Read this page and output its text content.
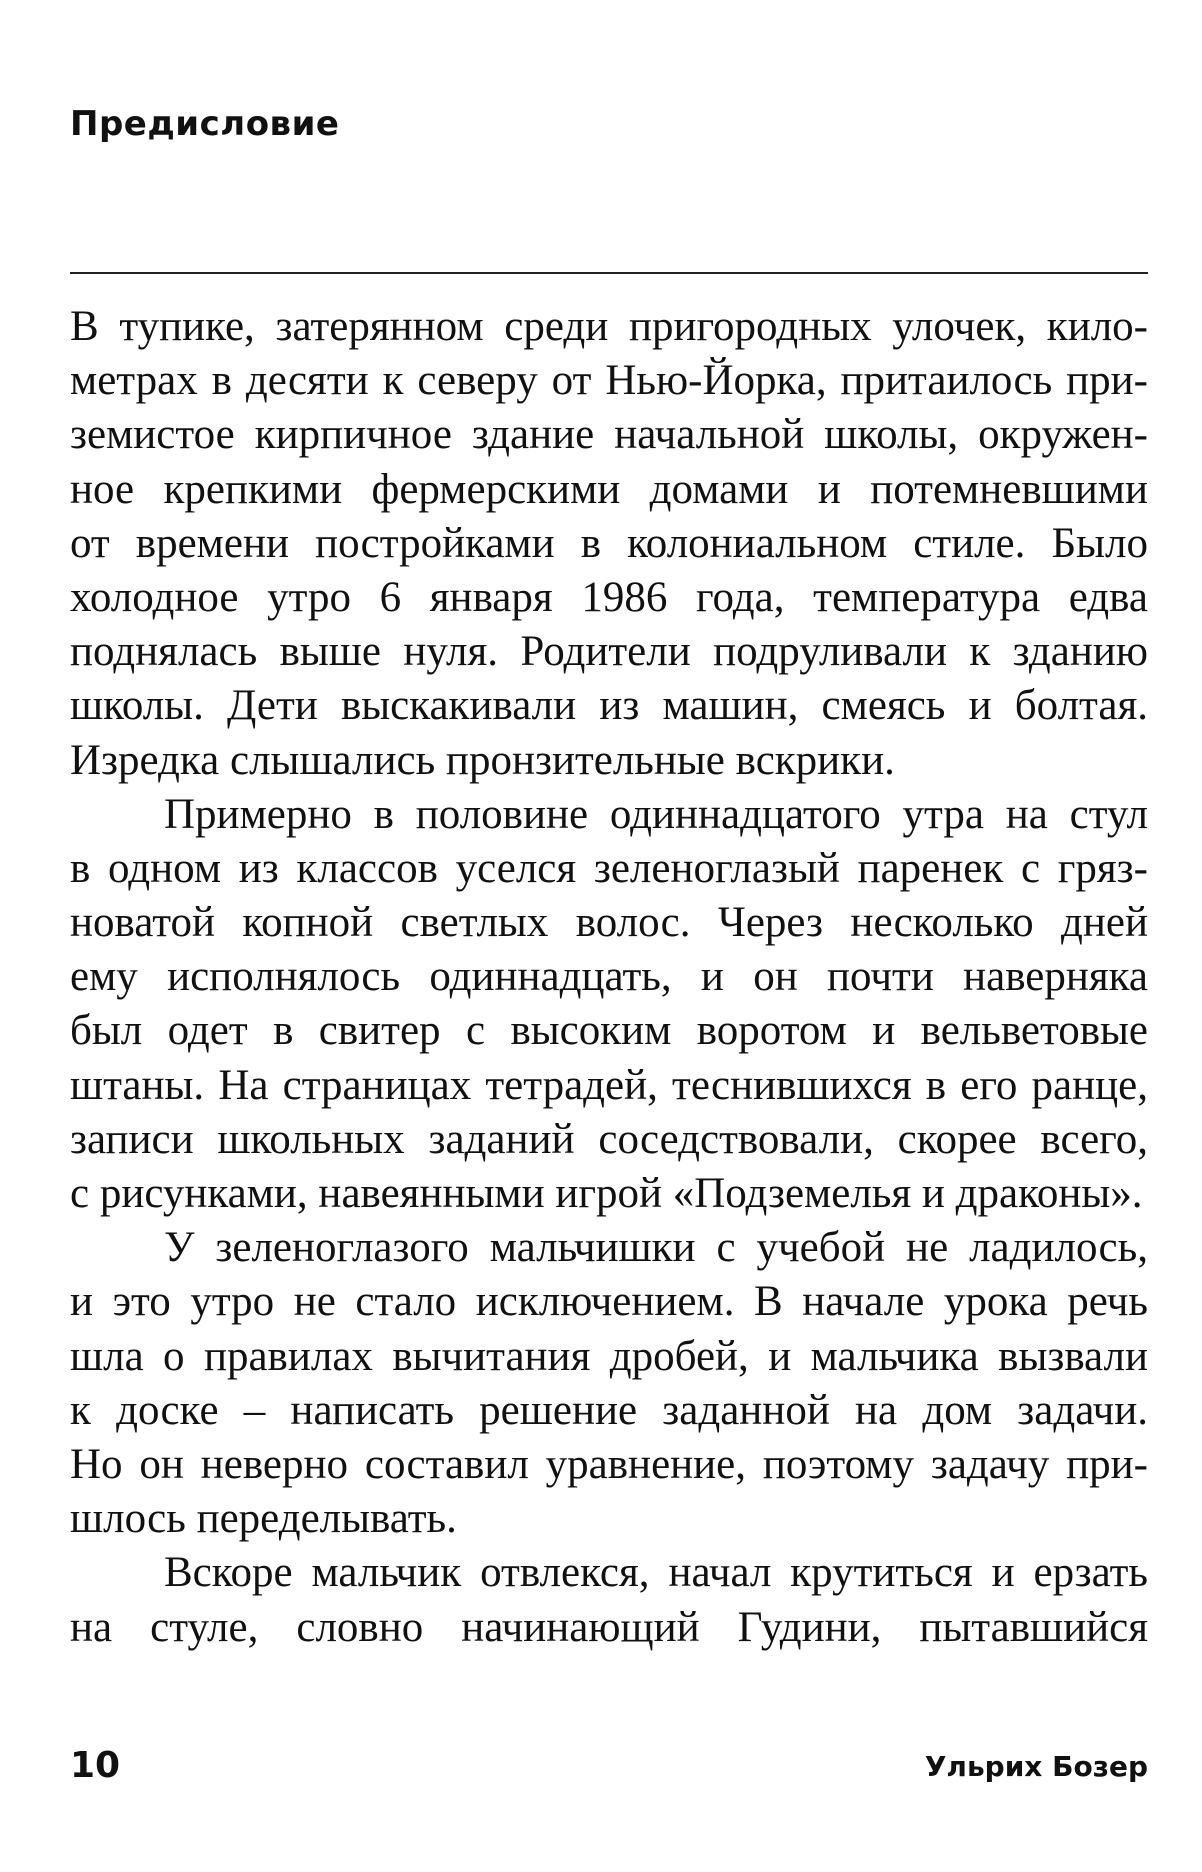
Предисловие
В тупике, затерянном среди пригородных улочек, кило-
метрах в десяти к северу от Нью-Йорка, притаилось при-
земистое кирпичное здание начальной школы, окружен-
ное крепкими фермерскими домами и потемневшими
от времени постройками в колониальном стиле. Было
холодное утро 6 января 1986 года, температура едва
поднялась выше нуля. Родители подруливали к зданию
школы. Дети выскакивали из машин, смеясь и болтая.
Изредка слышались пронзительные вскрики.
Примерно в половине одиннадцатого утра на стул
в одном из классов уселся зеленоглазый паренек с гряз-
новатой копной светлых волос. Через несколько дней
ему исполнялось одиннадцать, и он почти наверняка
был одет в свитер с высоким воротом и вельветовые
штаны. На страницах тетрадей, теснившихся в его ранце,
записи школьных заданий соседствовали, скорее всего,
с рисунками, навеянными игрой «Подземелья и драконы».
У зеленоглазого мальчишки с учебой не ладилось,
и это утро не стало исключением. В начале урока речь
шла о правилах вычитания дробей, и мальчика вызвали
к доске – написать решение заданной на дом задачи.
Но он неверно составил уравнение, поэтому задачу при-
шлось переделывать.
Вскоре мальчик отвлекся, начал крутиться и ерзать
на стуле, словно начинающий Гудини, пытавшийся
10	Ульрих Бозер
